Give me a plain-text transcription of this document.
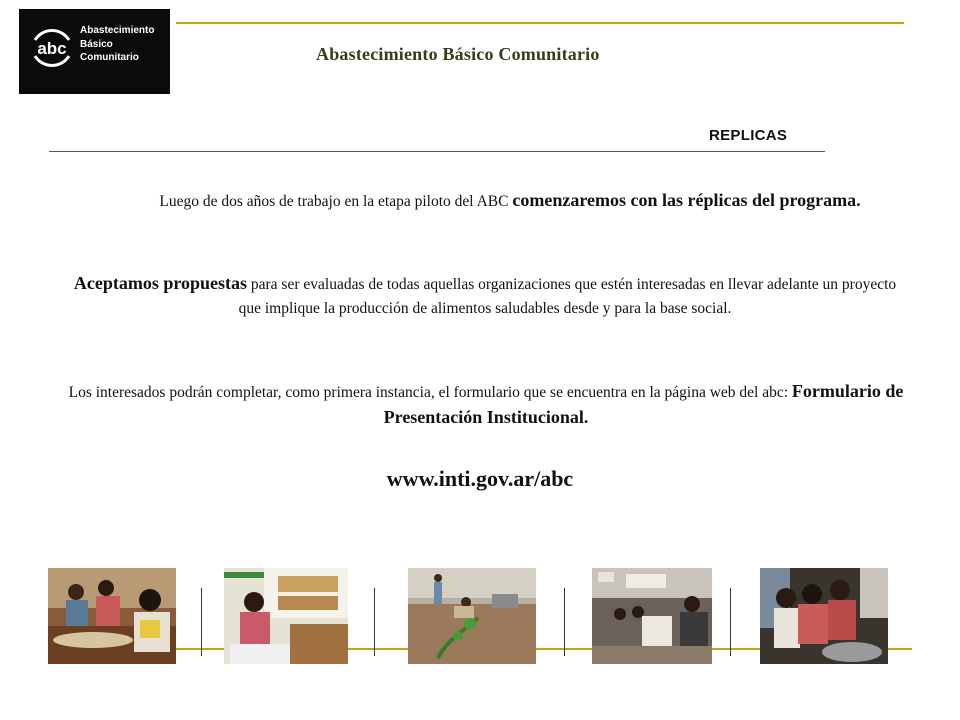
abc
Abastecimiento
Básico
Comunitario	Abastecimiento Básico Comunitario
REPLICAS
Luego de dos años de trabajo en la etapa piloto del ABC comenzaremos con las réplicas del programa.
Aceptamos propuestas para ser evaluadas de todas aquellas organizaciones que estén interesadas en llevar adelante un proyecto que implique la producción de alimentos saludables desde y para la base social.
Los interesados podrán completar, como primera instancia, el formulario que se encuentra en la página web del abc: Formulario de Presentación Institucional.
www.inti.gov.ar/abc
